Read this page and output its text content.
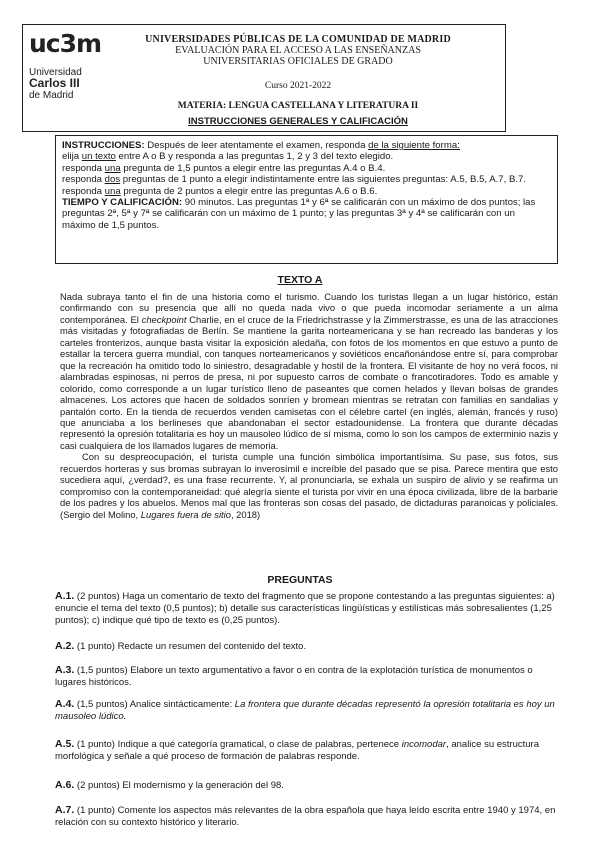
uc3m
Universidad
Carlos III
de Madrid
UNIVERSIDADES PÚBLICAS DE LA COMUNIDAD DE MADRID
EVALUACIÓN PARA EL ACCESO A LAS ENSEÑANZAS
UNIVERSITARIAS OFICIALES DE GRADO
Curso 2021-2022
MATERIA: LENGUA CASTELLANA Y LITERATURA II
INSTRUCCIONES GENERALES Y CALIFICACIÓN

INSTRUCCIONES: Después de leer atentamente el examen, responda de la siguiente forma:

elija un texto entre A o B y responda a las preguntas 1, 2 y 3 del texto elegido.

responda una pregunta de 1,5 puntos a elegir entre las preguntas A.4 o B.4.

responda dos preguntas de 1 punto a elegir indistintamente entre las siguientes preguntas: A.5, B.5, A.7, B.7.

responda una pregunta de 2 puntos a elegir entre las preguntas A.6 o B.6.

TIEMPO Y CALIFICACIÓN: 90 minutos. Las preguntas 1ª y 6ª se calificarán con un máximo de dos puntos; las preguntas 2ª, 5ª y 7ª se calificarán con un máximo de 1 punto; y las preguntas 3ª y 4ª se calificarán con un máximo de 1,5 puntos.

TEXTO A

Nada subraya tanto el fin de una historia como el turismo. Cuando los turistas llegan a un lugar histórico, están confirmando con su presencia que allí no queda nada vivo o que pueda incomodar seriamente a un alma contemporánea. El checkpoint Charlie, en el cruce de la Friedrichstrasse y la Zimmerstrasse, es una de las atracciones más visitadas y fotografiadas de Berlín. Se mantiene la garita norteamericana y se han recreado las banderas y los carteles fronterizos, aunque basta visitar la exposición aledaña, con fotos de los momentos en que estuvo a punto de estallar la tercera guerra mundial, con tanques norteamericanos y soviéticos encañonándose entre sí, para comprobar que la recreación ha omitido todo lo siniestro, desagradable y hostil de la frontera. El visitante de hoy no verá focos, ni alambradas espinosas, ni perros de presa, ni por supuesto carros de combate o francotiradores. Todo es amable y colorido, como corresponde a un lugar turístico lleno de paseantes que comen helados y llevan bolsas de grandes almacenes. Los actores que hacen de soldados sonríen y bromean mientras se retratan con familias en sandalias y pantalón corto. En la tienda de recuerdos venden camisetas con el célebre cartel (en inglés, alemán, francés y ruso) que anunciaba a los berlineses que abandonaban el sector estadounidense. La frontera que durante décadas representó la opresión totalitaria es hoy un mausoleo lúdico de sí misma, como lo son los campos de exterminio nazis y casi cualquiera de los llamados lugares de memoria.

Con su despreocupación, el turista cumple una función simbólica importantísima. Su pase, sus fotos, sus recuerdos horteras y sus bromas subrayan lo inverosímil e increíble del pasado que se pisa. Parece mentira que esto sucediera aquí, ¿verdad?, es una frase recurrente. Y, al pronunciarla, se exhala un suspiro de alivio y se reafirma un compromiso con la contemporaneidad: qué alegría siente el turista por vivir en una época civilizada, libre de la barbarie de los padres y los abuelos. Menos mal que las fronteras son cosas del pasado, de dictaduras paranoicas y policiales. (Sergio del Molino, Lugares fuera de sitio, 2018)

PREGUNTAS
A.1. (2 puntos) Haga un comentario de texto del fragmento que se propone contestando a las preguntas siguientes: a) enuncie el tema del texto (0,5 puntos); b) detalle sus características lingüísticas y estilísticas más sobresalientes (1,25 puntos); c) indique qué tipo de texto es (0,25 puntos).
A.2. (1 punto) Redacte un resumen del contenido del texto.
A.3. (1,5 puntos) Elabore un texto argumentativo a favor o en contra de la explotación turística de monumentos o lugares históricos.
A.4. (1,5 puntos) Analice sintácticamente: La frontera que durante décadas representó la opresión totalitaria es hoy un mausoleo lúdico.
A.5. (1 punto) Indique a qué categoría gramatical, o clase de palabras, pertenece incomodar, analice su estructura morfológica y señale a qué proceso de formación de palabras responde.
A.6. (2 puntos) El modernismo y la generación del 98.
A.7. (1 punto) Comente los aspectos más relevantes de la obra española que haya leído escrita entre 1940 y 1974, en relación con su contexto histórico y literario.
